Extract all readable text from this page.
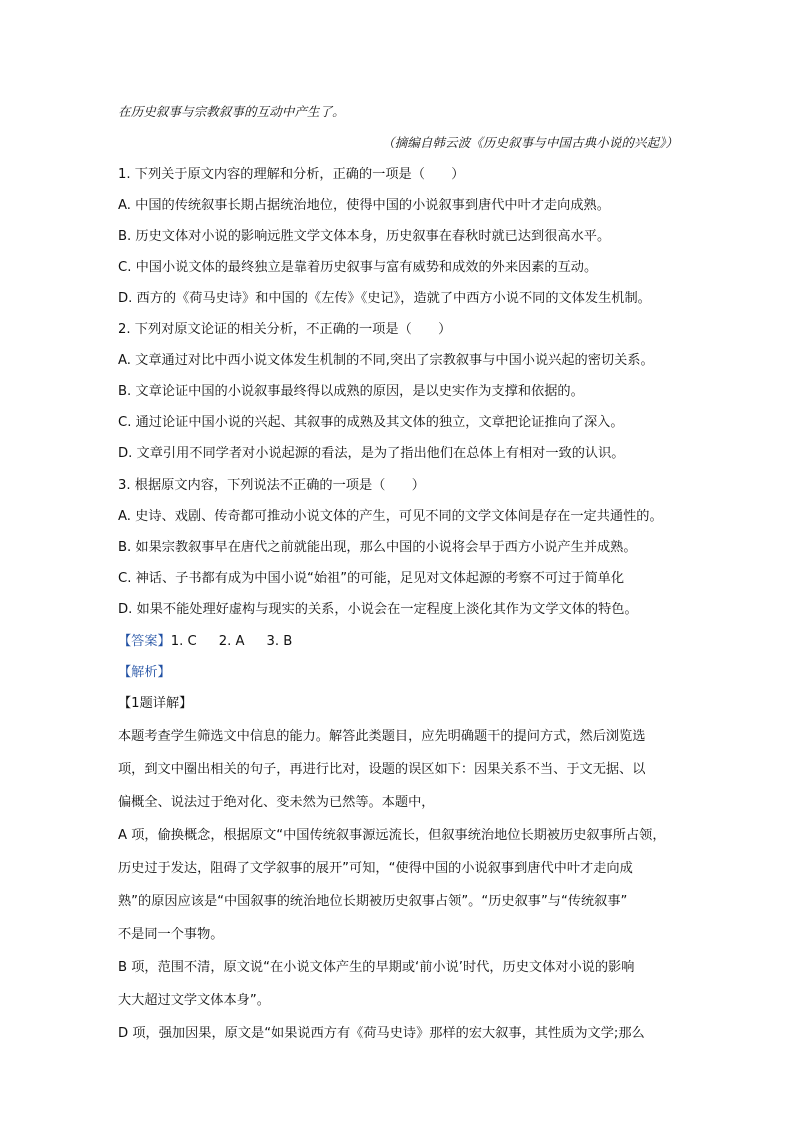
在历史叙事与宗教叙事的互动中产生了。
（摘编自韩云波《历史叙事与中国古典小说的兴起》）
1. 下列关于原文内容的理解和分析，正确的一项是（　　）
A. 中国的传统叙事长期占据统治地位，使得中国的小说叙事到唐代中叶才走向成熟。
B. 历史文体对小说的影响远胜文学文体本身，历史叙事在春秋时就已达到很高水平。
C. 中国小说文体的最终独立是靠着历史叙事与富有威势和成效的外来因素的互动。
D. 西方的《荷马史诗》和中国的《左传》《史记》，造就了中西方小说不同的文体发生机制。
2. 下列对原文论证的相关分析，不正确的一项是（　　）
A. 文章通过对比中西小说文体发生机制的不同,突出了宗教叙事与中国小说兴起的密切关系。
B. 文章论证中国的小说叙事最终得以成熟的原因，是以史实作为支撑和依据的。
C. 通过论证中国小说的兴起、其叙事的成熟及其文体的独立，文章把论证推向了深入。
D. 文章引用不同学者对小说起源的看法，是为了指出他们在总体上有相对一致的认识。
3. 根据原文内容，下列说法不正确的一项是（　　）
A. 史诗、戏剧、传奇都可推动小说文体的产生，可见不同的文学文体间是存在一定共通性的。
B. 如果宗教叙事早在唐代之前就能出现，那么中国的小说将会早于西方小说产生并成熟。
C. 神话、子书都有成为中国小说“始祖”的可能，足见对文体起源的考察不可过于简单化
D. 如果不能处理好虚构与现实的关系，小说会在一定程度上淡化其作为文学文体的特色。
【答案】1. C 2. A 3. B
【解析】
【1题详解】
本题考查学生筛选文中信息的能力。解答此类题目，应先明确题干的提问方式，然后浏览选
项，到文中圈出相关的句子，再进行比对，设题的误区如下：因果关系不当、于文无据、以
偏概全、说法过于绝对化、变未然为已然等。本题中，
A 项，偷换概念，根据原文“中国传统叙事源远流长，但叙事统治地位长期被历史叙事所占领，
历史过于发达，阻碍了文学叙事的展开”可知，“使得中国的小说叙事到唐代中叶才走向成
熟”的原因应该是“中国叙事的统治地位长期被历史叙事占领”。“历史叙事”与“传统叙事”
不是同一个事物。
B 项，范围不清，原文说“在小说文体产生的早期或‘前小说’时代，历史文体对小说的影响
大大超过文学文体本身”。
D 项，强加因果，原文是“如果说西方有《荷马史诗》那样的宏大叙事，其性质为文学;那么
